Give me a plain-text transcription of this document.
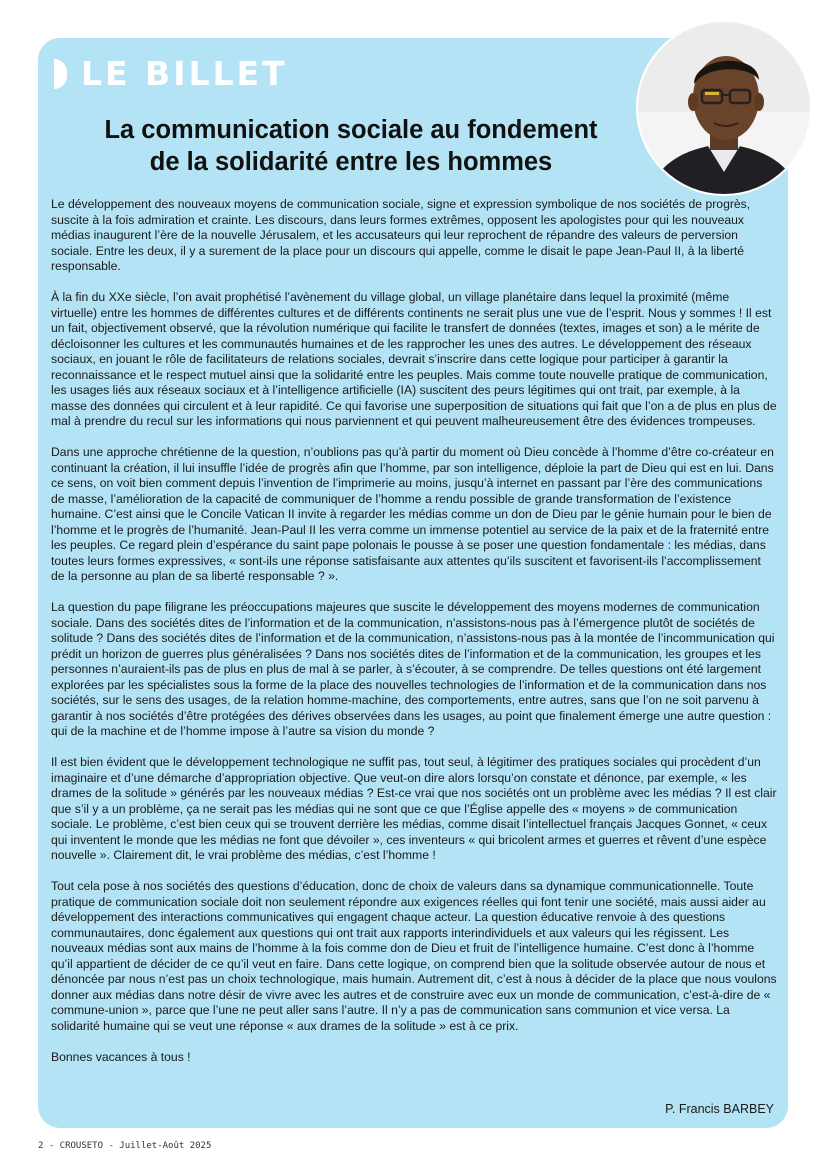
LE BILLET
La communication sociale au fondement
de la solidarité entre les hommes

Le développement des nouveaux moyens de communication sociale, signe et expression symbolique de nos sociétés de progrès, suscite à la fois admiration et crainte. Les discours, dans leurs formes extrêmes, opposent les apologistes pour qui les nouveaux médias inaugurent l’ère de la nouvelle Jérusalem, et les accusateurs qui leur reprochent de répandre des valeurs de perversion sociale. Entre les deux, il y a surement de la place pour un discours qui appelle, comme le disait le pape Jean-Paul II, à la liberté responsable.

À la fin du XXe siècle, l’on avait prophétisé l’avènement du village global, un village planétaire dans lequel la proximité (même virtuelle) entre les hommes de différentes cultures et de différents continents ne serait plus une vue de l’esprit. Nous y sommes ! Il est un fait, objectivement observé, que la révolution numérique qui facilite le transfert de données (textes, images et son) a le mérite de décloisonner les cultures et les communautés humaines et de les rapprocher les unes des autres. Le développement des réseaux sociaux, en jouant le rôle de facilitateurs de relations sociales, devrait s’inscrire dans cette logique pour participer à garantir la reconnaissance et le respect mutuel ainsi que la solidarité entre les peuples. Mais comme toute nouvelle pratique de communication, les usages liés aux réseaux sociaux et à l’intelligence artificielle (IA) suscitent des peurs légitimes qui ont trait, par exemple, à la masse des données qui circulent et à leur rapidité. Ce qui favorise une superposition de situations qui fait que l’on a de plus en plus de mal à prendre du recul sur les informations qui nous parviennent et qui peuvent malheureusement être des évidences trompeuses.

Dans une approche chrétienne de la question, n’oublions pas qu’à partir du moment où Dieu concède à l’homme d’être co-créateur en continuant la création, il lui insuffle l’idée de progrès afin que l’homme, par son intelligence, déploie la part de Dieu qui est en lui. Dans ce sens, on voit bien comment depuis l’invention de l’imprimerie au moins, jusqu’à internet en passant par l’ère des communications de masse, l’amélioration de la capacité de communiquer de l’homme a rendu possible de grande transformation de l’existence humaine. C’est ainsi que le Concile Vatican II invite à regarder les médias comme un don de Dieu par le génie humain pour le bien de l’homme et le progrès de l’humanité. Jean-Paul II les verra comme un immense potentiel au service de la paix et de la fraternité entre les peuples. Ce regard plein d’espérance du saint pape polonais le pousse à se poser une question fondamentale : les médias, dans toutes leurs formes expressives, « sont-ils une réponse satisfaisante aux attentes qu’ils suscitent et favorisent-ils l’accomplissement de la personne au plan de sa liberté responsable ? ».

La question du pape filigrane les préoccupations majeures que suscite le développement des moyens modernes de communication sociale. Dans des sociétés dites de l’information et de la communication, n’assistons-nous pas à l’émergence plutôt de sociétés de solitude ? Dans des sociétés dites de l’information et de la communication, n’assistons-nous pas à la montée de l’incommunication qui prédit un horizon de guerres plus généralisées ? Dans nos sociétés dites de l’information et de la communication, les groupes et les personnes n’auraient-ils pas de plus en plus de mal à se parler, à s’écouter, à se comprendre. De telles questions ont été largement explorées par les spécialistes sous la forme de la place des nouvelles technologies de l’information et de la communication dans nos sociétés, sur le sens des usages, de la relation homme-machine, des comportements, entre autres, sans que l’on ne soit parvenu à garantir à nos sociétés d’être protégées des dérives observées dans les usages, au point que finalement émerge une autre question : qui de la machine et de l’homme impose à l’autre sa vision du monde ?

Il est bien évident que le développement technologique ne suffit pas, tout seul, à légitimer des pratiques sociales qui procèdent d’un imaginaire et d’une démarche d’appropriation objective. Que veut-on dire alors lorsqu’on constate et dénonce, par exemple, « les drames de la solitude » générés par les nouveaux médias ? Est-ce vrai que nos sociétés ont un problème avec les médias ? Il est clair que s’il y a un problème, ça ne serait pas les médias qui ne sont que ce que l’Église appelle des « moyens » de communication sociale. Le problème, c’est bien ceux qui se trouvent derrière les médias, comme disait l’intellectuel français Jacques Gonnet, « ceux qui inventent le monde que les médias ne font que dévoiler », ces inventeurs « qui bricolent armes et guerres et rêvent d’une espèce nouvelle ». Clairement dit, le vrai problème des médias, c’est l’homme !

Tout cela pose à nos sociétés des questions d’éducation, donc de choix de valeurs dans sa dynamique communicationnelle. Toute pratique de communication sociale doit non seulement répondre aux exigences réelles qui font tenir une société, mais aussi aider au développement des interactions communicatives qui engagent chaque acteur. La question éducative renvoie à des questions communautaires, donc également aux questions qui ont trait aux rapports interindividuels et aux valeurs qui les régissent. Les nouveaux médias sont aux mains de l’homme à la fois comme don de Dieu et fruit de l’intelligence humaine. C’est donc à l’homme qu’il appartient de décider de ce qu’il veut en faire. Dans cette logique, on comprend bien que la solitude observée autour de nous et dénoncée par nous n’est pas un choix technologique, mais humain. Autrement dit, c’est à nous à décider de la place que nous voulons donner aux médias dans notre désir de vivre avec les autres et de construire avec eux un monde de communication, c’est-à-dire de « commune-union », parce que l’une ne peut aller sans l’autre. Il n’y a pas de communication sans communion et vice versa. La solidarité humaine qui se veut une réponse « aux drames de la solitude » est à ce prix.

Bonnes vacances à tous !

P. Francis BARBEY
2 - CROUSETO - Juillet-Août 2025
